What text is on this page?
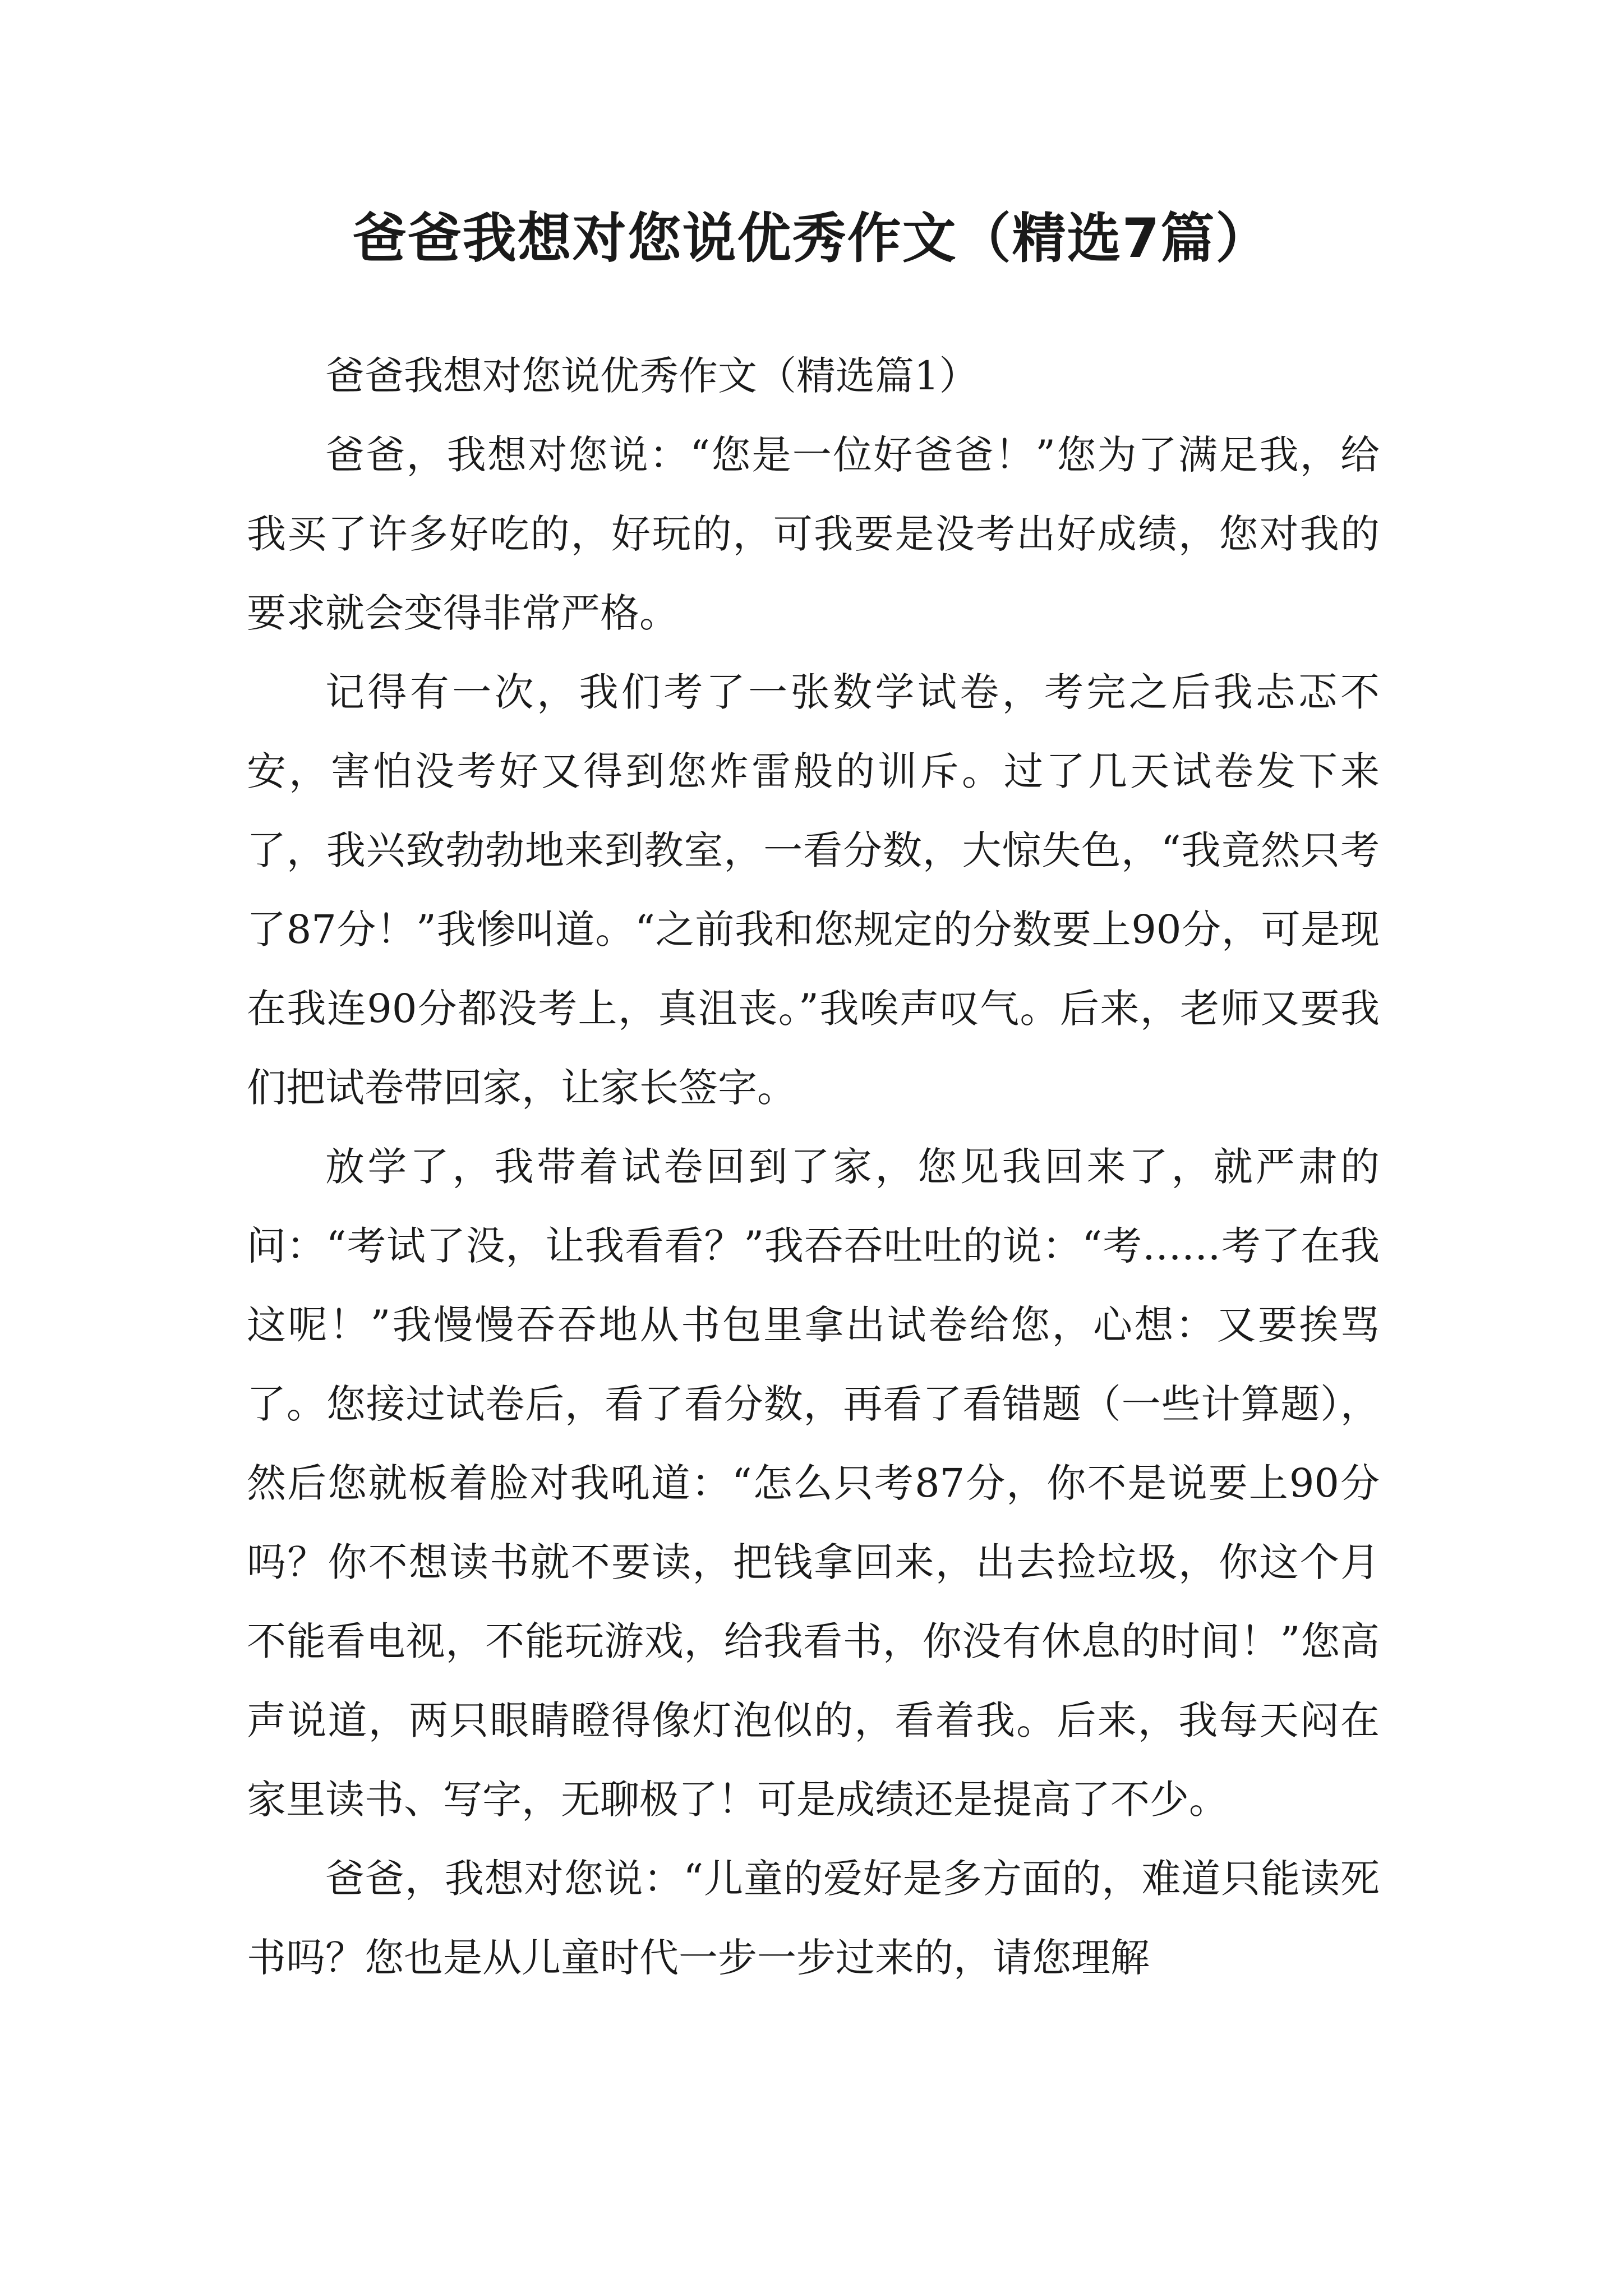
爸爸我想对您说优秀作文（精选7篇）

爸爸我想对您说优秀作文（精选篇1）

爸爸，我想对您说：“您是一位好爸爸！”您为了满足我，给我买了许多好吃的，好玩的，可我要是没考出好成绩，您对我的要求就会变得非常严格。

记得有一次，我们考了一张数学试卷，考完之后我忐忑不安，害怕没考好又得到您炸雷般的训斥。过了几天试卷发下来了，我兴致勃勃地来到教室，一看分数，大惊失色，“我竟然只考了87分！”我惨叫道。“之前我和您规定的分数要上90分，可是现在我连90分都没考上，真沮丧。”我唉声叹气。后来，老师又要我们把试卷带回家，让家长签字。

放学了，我带着试卷回到了家，您见我回来了，就严肃的问：“考试了没，让我看看？”我吞吞吐吐的说：“考……考了在我这呢！”我慢慢吞吞地从书包里拿出试卷给您，心想：又要挨骂了。您接过试卷后，看了看分数，再看了看错题（一些计算题），然后您就板着脸对我吼道：“怎么只考87分，你不是说要上90分吗？你不想读书就不要读，把钱拿回来，出去捡垃圾，你这个月不能看电视，不能玩游戏，给我看书，你没有休息的时间！”您高声说道，两只眼睛瞪得像灯泡似的，看着我。后来，我每天闷在家里读书、写字，无聊极了！可是成绩还是提高了不少。

爸爸，我想对您说：“儿童的爱好是多方面的，难道只能读死书吗？您也是从儿童时代一步一步过来的，请您理解
